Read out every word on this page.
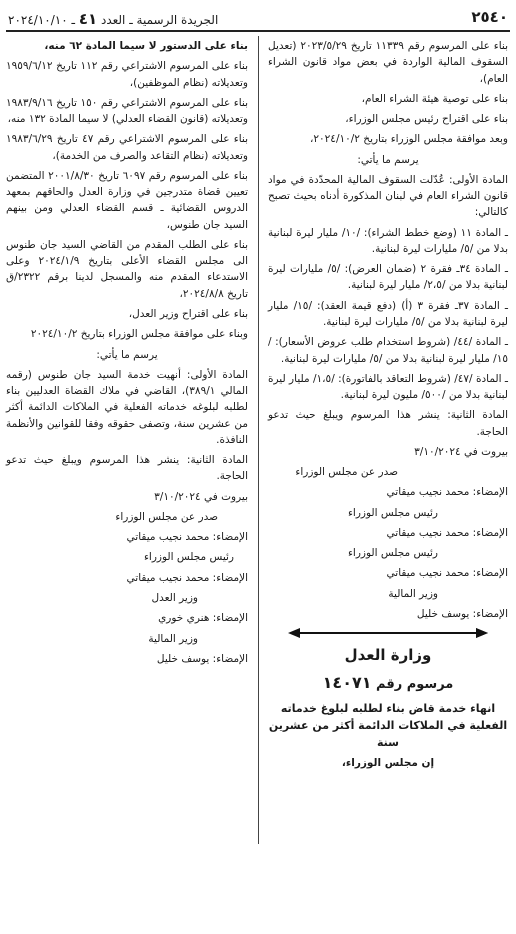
٢٥٤٠
الجريدة الرسمية ـ العدد ٤١ ـ ٢٠٢٤/١٠/١٠

بناء على المرسوم رقم ١١٣٣٩ تاريخ ٢٠٢٣/٥/٢٩ (تعديل السقوف المالية الواردة في بعض مواد قانون الشراء العام)،

بناء على توصية هيئة الشراء العام،

بناء على اقتراح رئيس مجلس الوزراء،

وبعد موافقة مجلس الوزراء بتاريخ ٢٠٢٤/١٠/٢،

يرسم ما يأتي:

المادة الأولى: عُدّلت السقوف المالية المحدّدة في مواد قانون الشراء العام في لبنان المذكورة أدناه بحيث تصبح كالتالي:

ـ المادة ١١ (وضع خطط الشراء): /١٠/ مليار ليرة لبنانية بدلا من /٥/ مليارات ليرة لبنانية.

ـ المادة ٣٤ـ فقرة ٢ (ضمان العرض): /٥/ مليارات ليرة لبنانية بدلا من /٢،٥/ مليار ليرة لبنانية.

ـ المادة ٣٧ـ فقرة ٣ (أ) (دفع قيمة العقد): /١٥/ مليار ليرة لبنانية بدلا من /٥/ مليارات ليرة لبنانية.

ـ المادة /٤٤/ (شروط استخدام طلب عروض الأسعار): /١٥/ مليار ليرة لبنانية بدلا من /٥/ مليارات ليرة لبنانية.

ـ المادة /٤٧/ (شروط التعاقد بالفاتورة): /١،٥/ مليار ليرة لبنانية بدلا من /٥٠٠/ مليون ليرة لبنانية.

المادة الثانية: ينشر هذا المرسوم ويبلغ حيث تدعو الحاجة.

بيروت في ٣/١٠/٢٠٢٤

صدر عن مجلس الوزراء

الإمضاء: محمد نجيب ميقاتي

رئيس مجلس الوزراء

الإمضاء: محمد نجيب ميقاتي

رئيس مجلس الوزراء

الإمضاء: محمد نجيب ميقاتي

وزير المالية

الإمضاء: يوسف خليل

وزارة العدل

مرسوم رقم ١٤٠٧١

انهاء خدمة قاض بناء لطلبه لبلوغ خدماته الفعلية في الملاكات الدائمة أكثر من عشرين سنة

إن مجلس الوزراء،

بناء على الدستور لا سيما المادة ٦٢ منه،

بناء على المرسوم الاشتراعي رقم ١١٢ تاريخ ١٩٥٩/٦/١٢ وتعديلاته (نظام الموظفين)،

بناء على المرسوم الاشتراعي رقم ١٥٠ تاريخ ١٩٨٣/٩/١٦ وتعديلاته (قانون القضاء العدلي) لا سيما المادة ١٣٢ منه،

بناء على المرسوم الاشتراعي رقم ٤٧ تاريخ ١٩٨٣/٦/٢٩ وتعديلاته (نظام التقاعد والصرف من الخدمة)،

بناء على المرسوم رقم ٦٠٩٧ تاريخ ٢٠٠١/٨/٣٠ المتضمن تعيين قضاة متدرجين في وزارة العدل والحاقهم بمعهد الدروس القضائية ـ قسم القضاء العدلي ومن بينهم السيد جان طنوس،

بناء على الطلب المقدم من القاضي السيد جان طنوس الى مجلس القضاء الأعلى بتاريخ ٢٠٢٤/١/٩ وعلى الاستدعاء المقدم منه والمسجل لدينا برقم ٢٣٢٢/ق تاريخ ٢٠٢٤/٨/٨،

بناء على اقتراح وزير العدل،

وبناء على موافقة مجلس الوزراء بتاريخ ٢٠٢٤/١٠/٢

يرسم ما يأتي:

المادة الأولى: أنهيت خدمة السيد جان طنوس (رقمه المالي ٣٨٩/١)، القاضي في ملاك القضاة العدليين بناء لطلبه لبلوغه خدماته الفعلية في الملاكات الدائمة أكثر من عشرين سنة، وتصفى حقوقه وفقا للقوانين والأنظمة النافذة.

المادة الثانية: ينشر هذا المرسوم ويبلغ حيث تدعو الحاجة.

بيروت في ٣/١٠/٢٠٢٤

صدر عن مجلس الوزراء

الإمضاء: محمد نجيب ميقاتي

رئيس مجلس الوزراء

الإمضاء: محمد نجيب ميقاتي

وزير العدل

الإمضاء: هنري خوري

وزير المالية

الإمضاء: يوسف خليل
